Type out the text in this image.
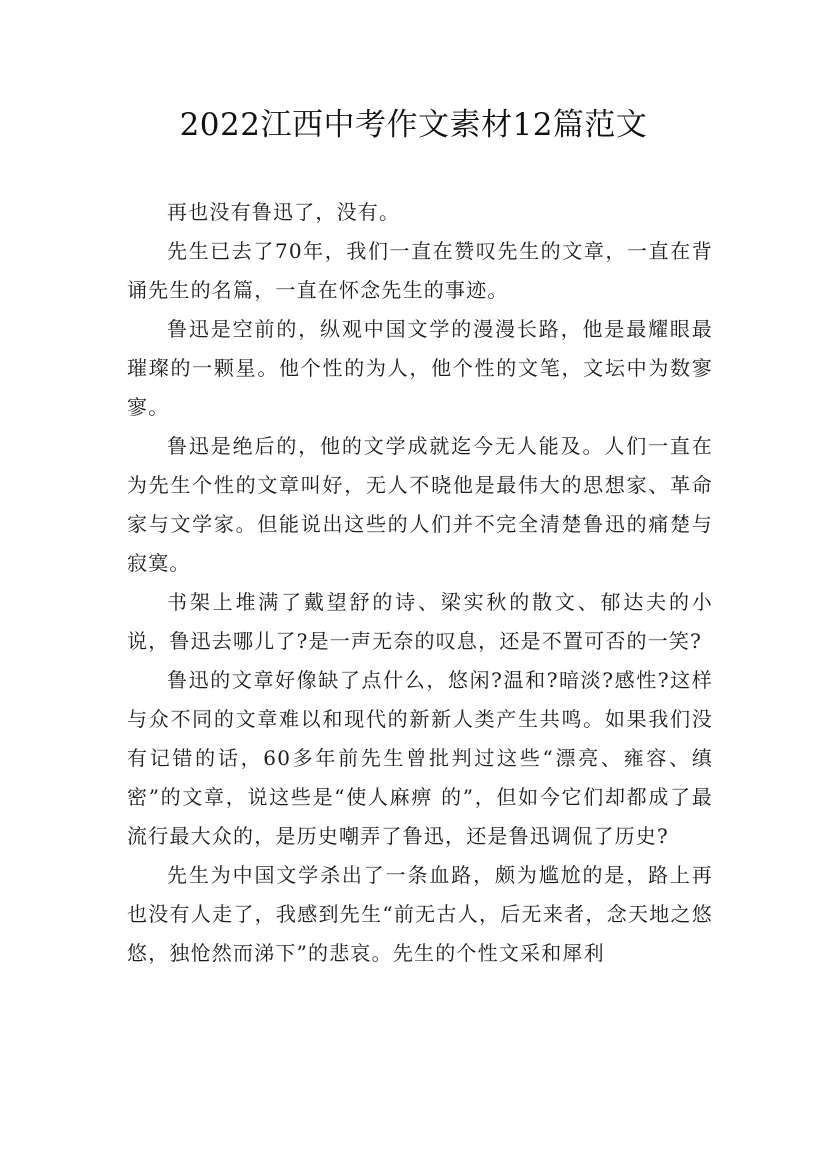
2022江西中考作文素材12篇范文

再也没有鲁迅了，没有。

先生已去了70年，我们一直在赞叹先生的文章，一直在背诵先生的名篇，一直在怀念先生的事迹。

鲁迅是空前的，纵观中国文学的漫漫长路，他是最耀眼最璀璨的一颗星。他个性的为人，他个性的文笔，文坛中为数寥寥。

鲁迅是绝后的，他的文学成就迄今无人能及。人们一直在为先生个性的文章叫好，无人不晓他是最伟大的思想家、革命家与文学家。但能说出这些的人们并不完全清楚鲁迅的痛楚与寂寞。

书架上堆满了戴望舒的诗、梁实秋的散文、郁达夫的小说，鲁迅去哪儿了?是一声无奈的叹息，还是不置可否的一笑?

鲁迅的文章好像缺了点什么，悠闲?温和?暗淡?感性?这样与众不同的文章难以和现代的新新人类产生共鸣。如果我们没有记错的话，60多年前先生曾批判过这些“漂亮、雍容、缜密”的文章，说这些是“使人麻痹 的”，但如今它们却都成了最流行最大众的，是历史嘲弄了鲁迅，还是鲁迅调侃了历史?

先生为中国文学杀出了一条血路，颇为尴尬的是，路上再也没有人走了，我感到先生“前无古人，后无来者，念天地之悠悠，独怆然而涕下”的悲哀。先生的个性文采和犀利
